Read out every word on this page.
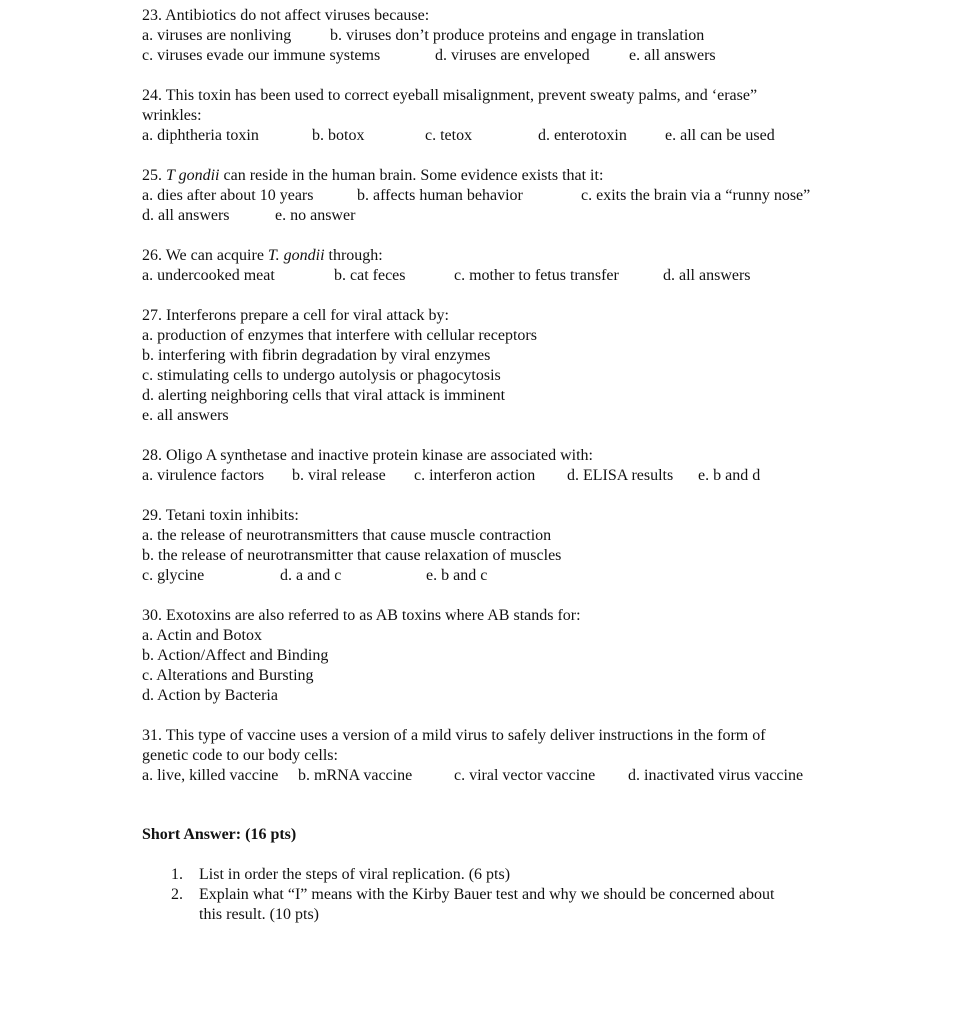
23. Antibiotics do not affect viruses because:
a. viruses are nonliving b. viruses don’t produce proteins and engage in translation
c. viruses evade our immune systems	d. viruses are enveloped e. all answers
24. This toxin has been used to correct eyeball misalignment, prevent sweaty palms, and ‘erase”
wrinkles:
a. diphtheria toxin	b. botox	c. tetox	d. enterotoxin e. all can be used
25. T gondii can reside in the human brain. Some evidence exists that it:
a. dies after about 10 years	b. affects human behavior	c. exits the brain via a “runny nose”
d. all answers	e. no answer
26. We can acquire T. gondii through:
a. undercooked meat	b. cat feces	c. mother to fetus transfer	d. all answers
27. Interferons prepare a cell for viral attack by:
a. production of enzymes that interfere with cellular receptors
b. interfering with fibrin degradation by viral enzymes
c. stimulating cells to undergo autolysis or phagocytosis
d. alerting neighboring cells that viral attack is imminent
e. all answers
28. Oligo A synthetase and inactive protein kinase are associated with:
a. virulence factors b. viral release c. interferon action d. ELISA results e. b and d
29. Tetani toxin inhibits:
a. the release of neurotransmitters that cause muscle contraction
b. the release of neurotransmitter that cause relaxation of muscles
c. glycine	d. a and c	e. b and c
30. Exotoxins are also referred to as AB toxins where AB stands for:
a. Actin and Botox
b. Action/Affect and Binding
c. Alterations and Bursting
d. Action by Bacteria
31. This type of vaccine uses a version of a mild virus to safely deliver instructions in the form of
genetic code to our body cells:
a. live, killed vaccine b. mRNA vaccine	c. viral vector vaccine d. inactivated virus vaccine
Short Answer: (16 pts)
1. List in order the steps of viral replication. (6 pts)
2. Explain what “I” means with the Kirby Bauer test and why we should be concerned about
this result. (10 pts)
